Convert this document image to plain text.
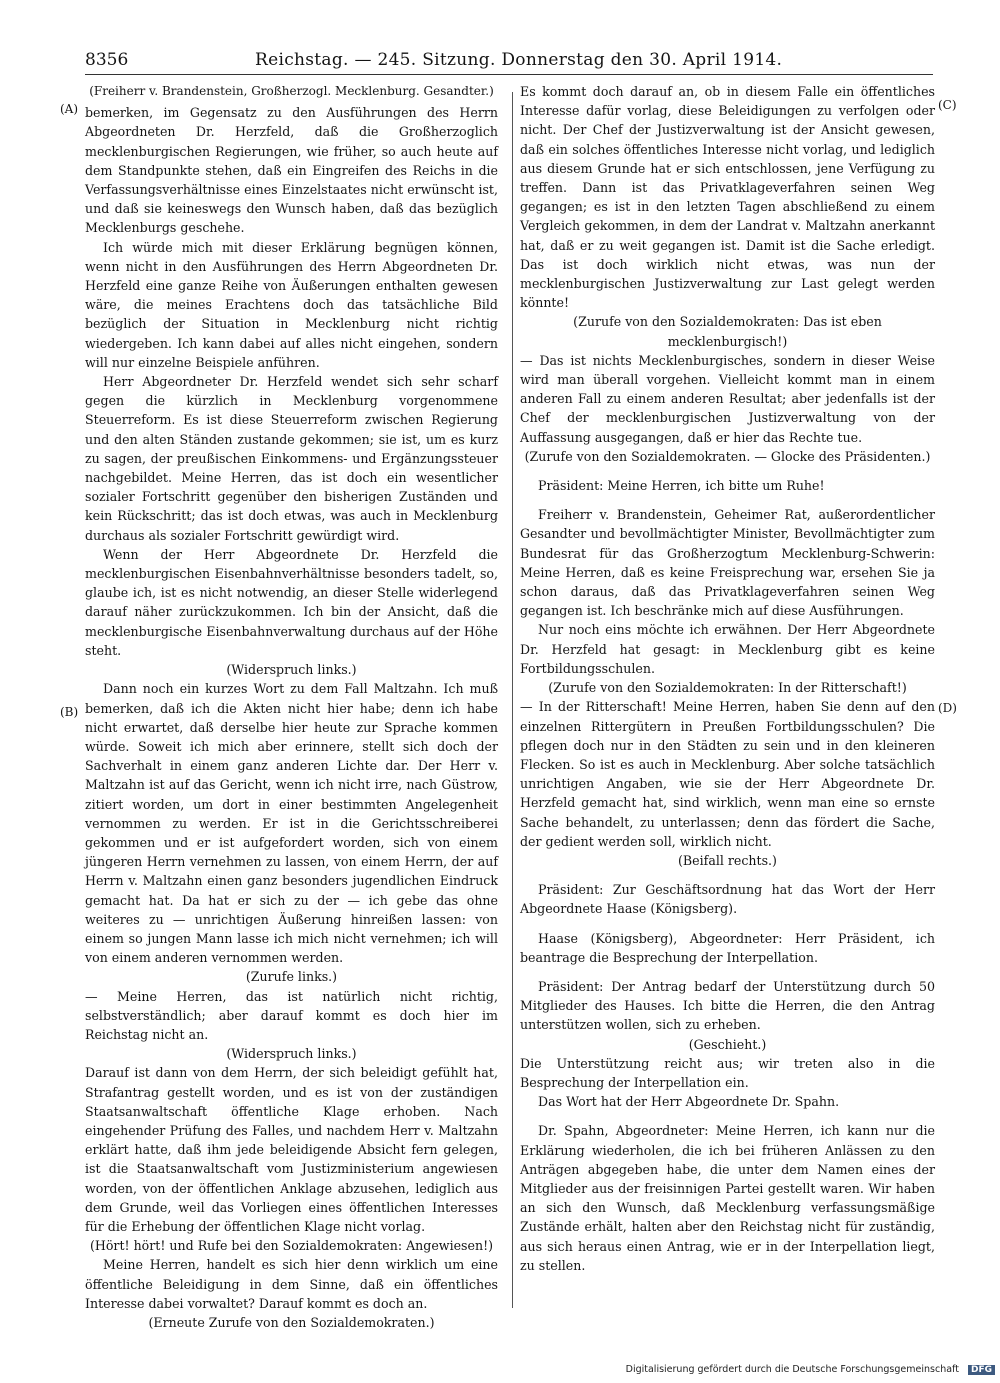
8356	Reichstag. — 245. Sitzung. Donnerstag den 30. April 1914.
(A)
(B)
(C)
(D)
(Freiherr v. Brandenstein, Großherzogl. Mecklenburg. Gesandter.)

bemerken, im Gegensatz zu den Ausführungen des Herrn Abgeordneten Dr. Herzfeld, daß die Großherzoglich mecklenburgischen Regierungen, wie früher, so auch heute auf dem Standpunkte stehen, daß ein Eingreifen des Reichs in die Verfassungsverhältnisse eines Einzelstaates nicht erwünscht ist, und daß sie keineswegs den Wunsch haben, daß das bezüglich Mecklenburgs geschehe.

Ich würde mich mit dieser Erklärung begnügen können, wenn nicht in den Ausführungen des Herrn Abgeordneten Dr. Herzfeld eine ganze Reihe von Äußerungen enthalten gewesen wäre, die meines Erachtens doch das tatsächliche Bild bezüglich der Situation in Mecklenburg nicht richtig wiedergeben. Ich kann dabei auf alles nicht eingehen, sondern will nur einzelne Beispiele anführen.

Herr Abgeordneter Dr. Herzfeld wendet sich sehr scharf gegen die kürzlich in Mecklenburg vorgenommene Steuerreform. Es ist diese Steuerreform zwischen Regierung und den alten Ständen zustande gekommen; sie ist, um es kurz zu sagen, der preußischen Einkommens- und Ergänzungssteuer nachgebildet. Meine Herren, das ist doch ein wesentlicher sozialer Fortschritt gegenüber den bisherigen Zuständen und kein Rückschritt; das ist doch etwas, was auch in Mecklenburg durchaus als sozialer Fortschritt gewürdigt wird.

Wenn der Herr Abgeordnete Dr. Herzfeld die mecklenburgischen Eisenbahnverhältnisse besonders tadelt, so, glaube ich, ist es nicht notwendig, an dieser Stelle widerlegend darauf näher zurückzukommen. Ich bin der Ansicht, daß die mecklenburgische Eisenbahnverwaltung durchaus auf der Höhe steht.

(Widerspruch links.)

Dann noch ein kurzes Wort zu dem Fall Maltzahn. Ich muß bemerken, daß ich die Akten nicht hier habe; denn ich habe nicht erwartet, daß derselbe hier heute zur Sprache kommen würde. Soweit ich mich aber erinnere, stellt sich doch der Sachverhalt in einem ganz anderen Lichte dar. Der Herr v. Maltzahn ist auf das Gericht, wenn ich nicht irre, nach Güstrow, zitiert worden, um dort in einer bestimmten Angelegenheit vernommen zu werden. Er ist in die Gerichtsschreiberei gekommen und er ist aufgefordert worden, sich von einem jüngeren Herrn vernehmen zu lassen, von einem Herrn, der auf Herrn v. Maltzahn einen ganz besonders jugendlichen Eindruck gemacht hat. Da hat er sich zu der — ich gebe das ohne weiteres zu — unrichtigen Äußerung hinreißen lassen: von einem so jungen Mann lasse ich mich nicht vernehmen; ich will von einem anderen vernommen werden.

(Zurufe links.)

— Meine Herren, das ist natürlich nicht richtig, selbstverständlich; aber darauf kommt es doch hier im Reichstag nicht an.

(Widerspruch links.)

Darauf ist dann von dem Herrn, der sich beleidigt gefühlt hat, Strafantrag gestellt worden, und es ist von der zuständigen Staatsanwaltschaft öffentliche Klage erhoben. Nach eingehender Prüfung des Falles, und nachdem Herr v. Maltzahn erklärt hatte, daß ihm jede beleidigende Absicht fern gelegen, ist die Staatsanwaltschaft vom Justizministerium angewiesen worden, von der öffentlichen Anklage abzusehen, lediglich aus dem Grunde, weil das Vorliegen eines öffentlichen Interesses für die Erhebung der öffentlichen Klage nicht vorlag.

(Hört! hört! und Rufe bei den Sozialdemokraten: Angewiesen!)

Meine Herren, handelt es sich hier denn wirklich um eine öffentliche Beleidigung in dem Sinne, daß ein öffentliches Interesse dabei vorwaltet? Darauf kommt es doch an.

(Erneute Zurufe von den Sozialdemokraten.)

Es kommt doch darauf an, ob in diesem Falle ein öffentliches Interesse dafür vorlag, diese Beleidigungen zu verfolgen oder nicht. Der Chef der Justizverwaltung ist der Ansicht gewesen, daß ein solches öffentliches Interesse nicht vorlag, und lediglich aus diesem Grunde hat er sich entschlossen, jene Verfügung zu treffen. Dann ist das Privatklageverfahren seinen Weg gegangen; es ist in den letzten Tagen abschließend zu einem Vergleich gekommen, in dem der Landrat v. Maltzahn anerkannt hat, daß er zu weit gegangen ist. Damit ist die Sache erledigt. Das ist doch wirklich nicht etwas, was nun der mecklenburgischen Justizverwaltung zur Last gelegt werden könnte!

(Zurufe von den Sozialdemokraten: Das ist eben mecklenburgisch!)

— Das ist nichts Mecklenburgisches, sondern in dieser Weise wird man überall vorgehen. Vielleicht kommt man in einem anderen Fall zu einem anderen Resultat; aber jedenfalls ist der Chef der mecklenburgischen Justizverwaltung von der Auffassung ausgegangen, daß er hier das Rechte tue.

(Zurufe von den Sozialdemokraten. — Glocke des Präsidenten.)

Präsident: Meine Herren, ich bitte um Ruhe!

Freiherr v. Brandenstein, Geheimer Rat, außerordentlicher Gesandter und bevollmächtigter Minister, Bevollmächtigter zum Bundesrat für das Großherzogtum Mecklenburg-Schwerin: Meine Herren, daß es keine Freisprechung war, ersehen Sie ja schon daraus, daß das Privatklageverfahren seinen Weg gegangen ist. Ich beschränke mich auf diese Ausführungen.

Nur noch eins möchte ich erwähnen. Der Herr Abgeordnete Dr. Herzfeld hat gesagt: in Mecklenburg gibt es keine Fortbildungsschulen.

(Zurufe von den Sozialdemokraten: In der Ritterschaft!)

— In der Ritterschaft! Meine Herren, haben Sie denn auf den einzelnen Rittergütern in Preußen Fortbildungsschulen? Die pflegen doch nur in den Städten zu sein und in den kleineren Flecken. So ist es auch in Mecklenburg. Aber solche tatsächlich unrichtigen Angaben, wie sie der Herr Abgeordnete Dr. Herzfeld gemacht hat, sind wirklich, wenn man eine so ernste Sache behandelt, zu unterlassen; denn das fördert die Sache, der gedient werden soll, wirklich nicht.

(Beifall rechts.)

Präsident: Zur Geschäftsordnung hat das Wort der Herr Abgeordnete Haase (Königsberg).

Haase (Königsberg), Abgeordneter: Herr Präsident, ich beantrage die Besprechung der Interpellation.

Präsident: Der Antrag bedarf der Unterstützung durch 50 Mitglieder des Hauses. Ich bitte die Herren, die den Antrag unterstützen wollen, sich zu erheben.

(Geschieht.)

Die Unterstützung reicht aus; wir treten also in die Besprechung der Interpellation ein.

Das Wort hat der Herr Abgeordnete Dr. Spahn.

Dr. Spahn, Abgeordneter: Meine Herren, ich kann nur die Erklärung wiederholen, die ich bei früheren Anlässen zu den Anträgen abgegeben habe, die unter dem Namen eines der Mitglieder aus der freisinnigen Partei gestellt waren. Wir haben an sich den Wunsch, daß Mecklenburg verfassungsmäßige Zustände erhält, halten aber den Reichstag nicht für zuständig, aus sich heraus einen Antrag, wie er in der Interpellation liegt, zu stellen.

Digitalisierung gefördert durch die Deutsche Forschungsgemeinschaft DFG
